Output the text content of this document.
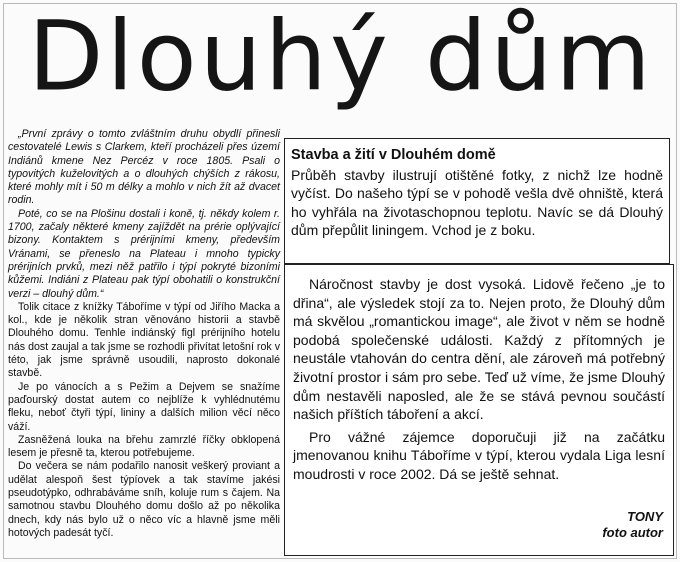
Dlouhý dům

„První zprávy o tomto zvláštním druhu obydlí přinesli cestovatelé Lewis s Clarkem, kteří procházeli přes území Indiánů kmene Nez Percéz v roce 1805. Psali o typovitých kuželovitých a o dlouhých chýších z rákosu, které mohly mít i 50 m délky a mohlo v nich žít až dvacet rodin.

Poté, co se na Plošinu dostali i koně, tj. někdy kolem r. 1700, začaly některé kmeny zajíždět na prérie oplývající bizony. Kontaktem s prérijními kmeny, především Vránami, se přeneslo na Plateau i mnoho typicky prérijních prvků, mezi něž patřilo i týpí pokryté bizoními kůžemi. Indiáni z Plateau pak týpí obohatili o konstrukční verzi – dlouhý dům.“

Tolik citace z knížky Táboříme v týpí od Jiřího Macka a kol., kde je několik stran věnováno historii a stavbě Dlouhého domu. Tenhle indiánský figl prérijního hotelu nás dost zaujal a tak jsme se rozhodli přivítat letošní rok v této, jak jsme správně usoudili, naprosto dokonalé stavbě.

Je po vánocích a s Pežim a Dejvem se snažíme paďourský dostat autem co nejblíže k vyhlédnutému fleku, neboť čtyři týpí, lininy a dalších milion věcí něco váží.

Zasněžená louka na břehu zamrzlé říčky obklopená lesem je přesně ta, kterou potřebujeme.

Do večera se nám podařilo nanosit veškerý proviant a udělat alespoň šest týpíovek a tak stavíme jakési pseudotýpko, odhrabáváme sníh, koluje rum s čajem. Na samotnou stavbu Dlouhého domu došlo až po několika dnech, kdy nás bylo už o něco víc a hlavně jsme měli hotových padesát tyčí.

Stavba a žití v Dlouhém domě

Průběh stavby ilustrují otištěné fotky, z nichž lze hodně vyčíst. Do našeho týpí se v pohodě vešla dvě ohniště, která ho vyhřála na životaschopnou teplotu. Navíc se dá Dlouhý dům přepůlit liningem. Vchod je z boku.

Náročnost stavby je dost vysoká. Lidově řečeno „je to dřina“, ale výsledek stojí za to. Nejen proto, že Dlouhý dům má skvělou „romantickou image“, ale život v něm se hodně podobá společenské události. Každý z přítomných je neustále vtahován do centra dění, ale zároveň má potřebný životní prostor i sám pro sebe. Teď už víme, že jsme Dlouhý dům nestavěli naposled, ale že se stává pevnou součástí našich příštích táboření a akcí.

Pro vážné zájemce doporučuji již na začátku jmenovanou knihu Táboříme v týpí, kterou vydala Liga lesní moudrosti v roce 2002. Dá se ještě sehnat.

TONY
foto autor
